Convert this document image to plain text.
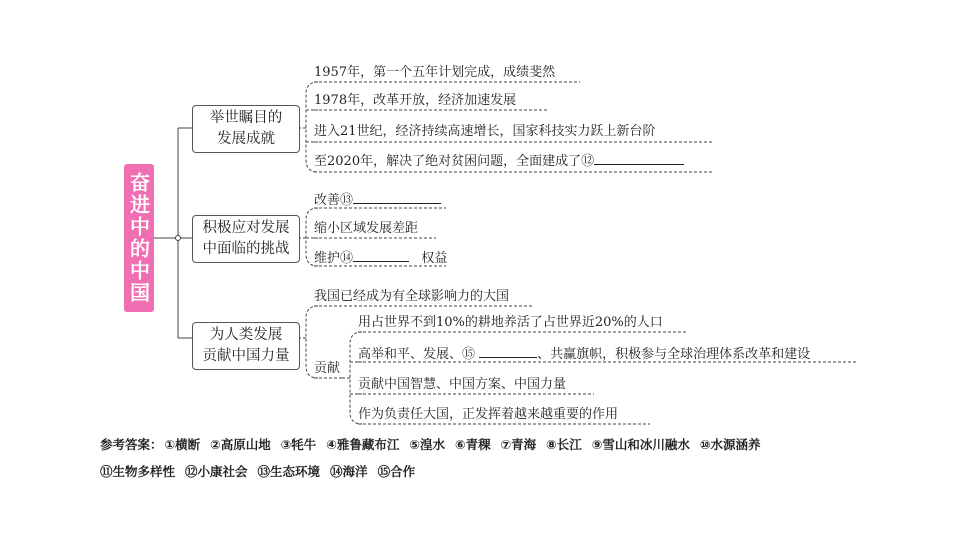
奋进中的中国
举世瞩目的
发展成就
1957年，第一个五年计划完成，成绩斐然
1978年，改革开放，经济加速发展
进入21世纪，经济持续高速增长，国家科技实力跃上新台阶
至2020年，解决了绝对贫困问题，全面建成了⑫
积极应对发展
中面临的挑战
改善⑬
缩小区域发展差距
维护⑭	权益
为人类发展
贡献中国力量
我国已经成为有全球影响力的大国
贡献
用占世界不到10%的耕地养活了占世界近20%的人口
高举和平、发展、⑮	、共赢旗帜，积极参与全球治理体系改革和建设
贡献中国智慧、中国方案、中国力量
作为负责任大国，正发挥着越来越重要的作用
参考答案： ①横断 ②高原山地 ③牦牛 ④雅鲁藏布江 ⑤湟水 ⑥青稞 ⑦青海 ⑧长江 ⑨雪山和冰川融水 ⑩水源涵养
⑪生物多样性 ⑫小康社会 ⑬生态环境 ⑭海洋 ⑮合作
